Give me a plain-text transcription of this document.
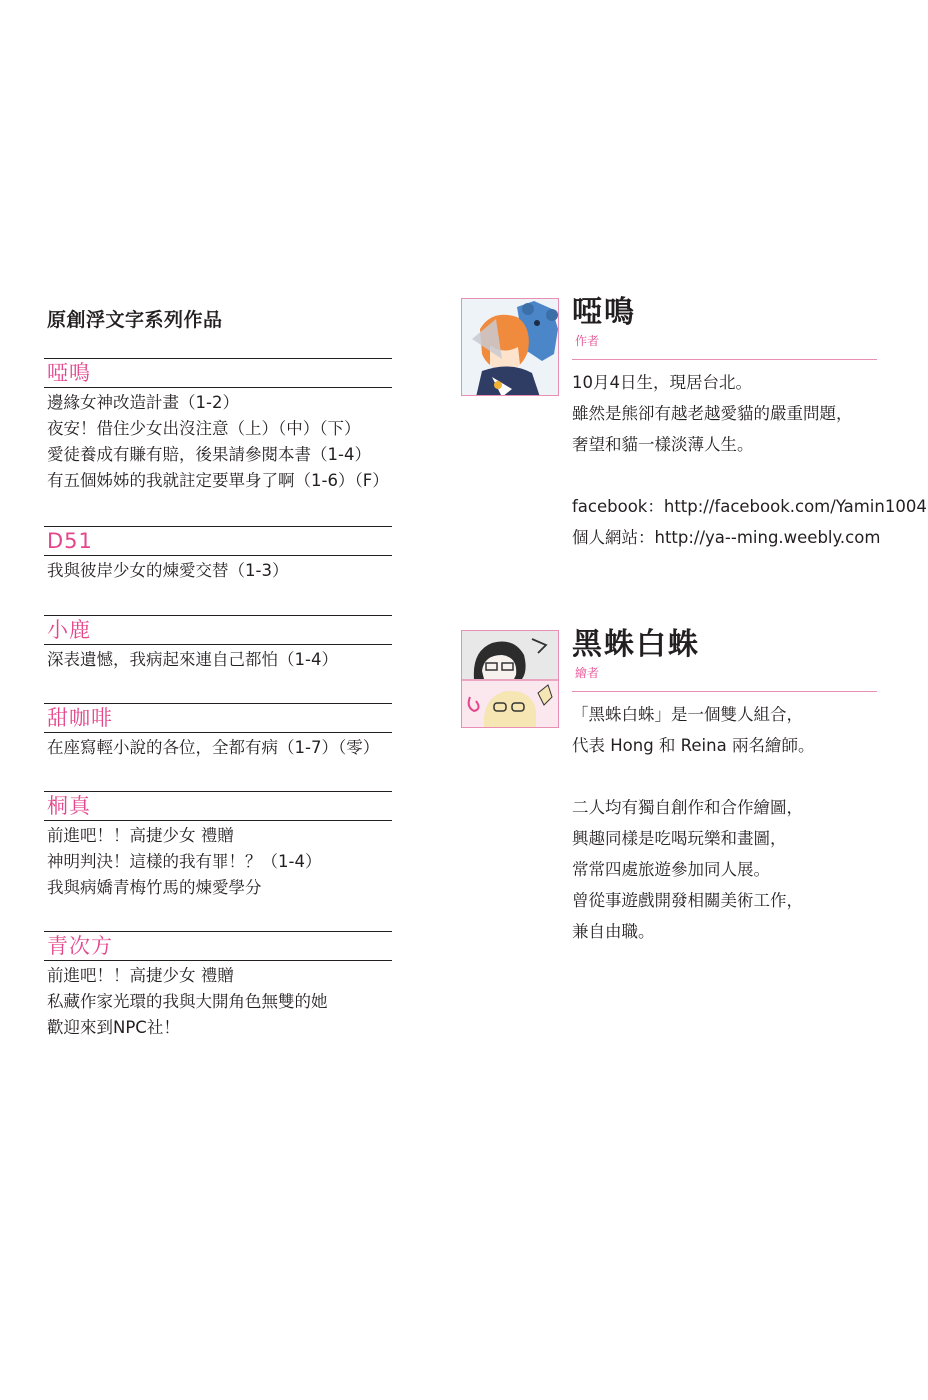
原創浮文字系列作品
啞鳴
邊緣女神改造計畫（1-2）
夜安！借住少女出沒注意（上）（中）（下）
愛徒養成有賺有賠，後果請參閱本書（1-4）
有五個姊姊的我就註定要單身了啊（1-6）（F）
D51
我與彼岸少女的煉愛交替（1-3）
小鹿
深表遺憾，我病起來連自己都怕（1-4）
甜咖啡
在座寫輕小說的各位，全都有病（1-7）（零）
桐真
前進吧！！高捷少女 禮贈
神明判決！這樣的我有罪！？（1-4）
我與病嬌青梅竹馬的煉愛學分
青次方
前進吧！！高捷少女 禮贈
私藏作家光環的我與大開角色無雙的她
歡迎來到NPC社！
啞鳴
作者

10月4日生，現居台北。

雖然是熊卻有越老越愛貓的嚴重問題，

奢望和貓一樣淡薄人生。

facebook：http://facebook.com/Yamin1004

個人網站：http://ya--ming.weebly.com

黑蛛白蛛
繪者

「黑蛛白蛛」是一個雙人組合，

代表 Hong 和 Reina 兩名繪師。

二人均有獨自創作和合作繪圖，

興趣同樣是吃喝玩樂和畫圖，

常常四處旅遊參加同人展。

曾從事遊戲開發相關美術工作，

兼自由職。
